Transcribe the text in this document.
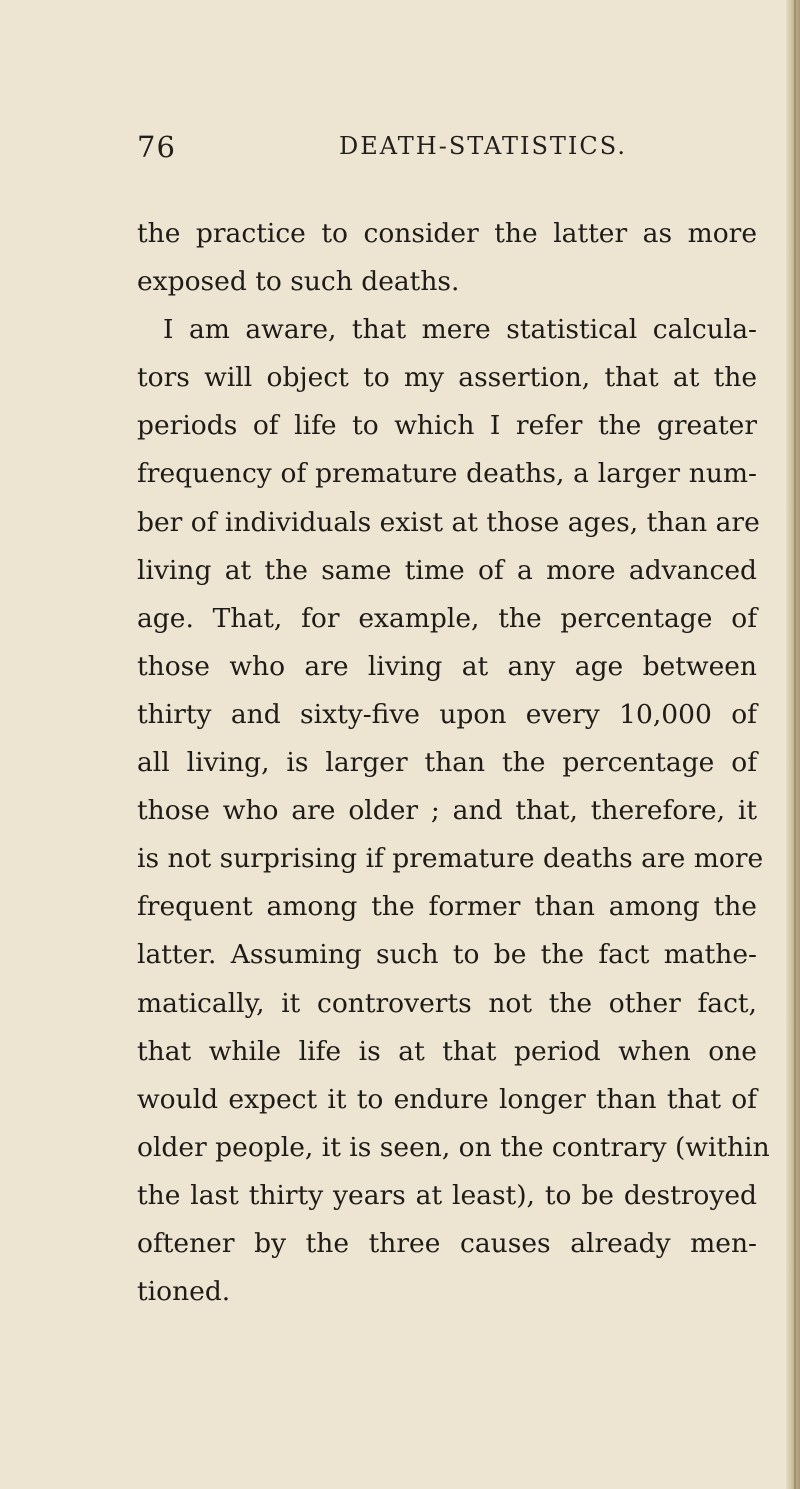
76	DEATH-STATISTICS.
the practice to consider the latter as more
exposed to such deaths.
I am aware, that mere statistical calcula-
tors will object to my assertion, that at the
periods of life to which I refer the greater
frequency of premature deaths, a larger num-
ber of individuals exist at those ages, than are
living at the same time of a more advanced
age. That, for example, the percentage of
those who are living at any age between
thirty and sixty-five upon every 10,000 of
all living, is larger than the percentage of
those who are older ; and that, therefore, it
is not surprising if premature deaths are more
frequent among the former than among the
latter. Assuming such to be the fact mathe-
matically, it controverts not the other fact,
that while life is at that period when one
would expect it to endure longer than that of
older people, it is seen, on the contrary (within
the last thirty years at least), to be destroyed
oftener by the three causes already men-
tioned.
